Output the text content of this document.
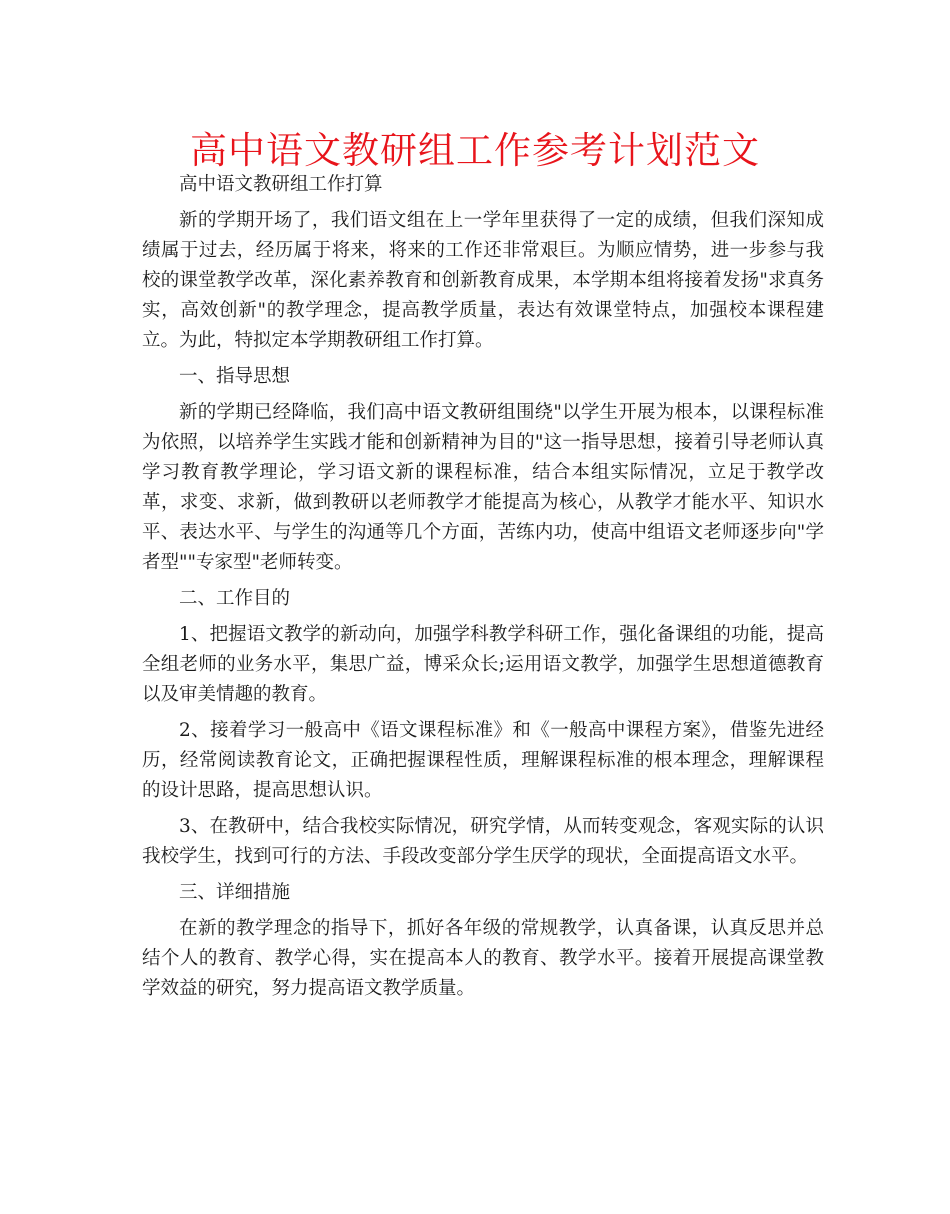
高中语文教研组工作参考计划范文

高中语文教研组工作打算

新的学期开场了，我们语文组在上一学年里获得了一定的成绩，但我们深知成绩属于过去，经历属于将来，将来的工作还非常艰巨。为顺应情势，进一步参与我校的课堂教学改革，深化素养教育和创新教育成果，本学期本组将接着发扬"求真务实，高效创新"的教学理念，提高教学质量，表达有效课堂特点，加强校本课程建立。为此，特拟定本学期教研组工作打算。

一、指导思想

新的学期已经降临，我们高中语文教研组围绕"以学生开展为根本，以课程标准为依照，以培养学生实践才能和创新精神为目的"这一指导思想，接着引导老师认真学习教育教学理论，学习语文新的课程标准，结合本组实际情况，立足于教学改革，求变、求新，做到教研以老师教学才能提高为核心，从教学才能水平、知识水平、表达水平、与学生的沟通等几个方面，苦练内功，使高中组语文老师逐步向"学者型""专家型"老师转变。

二、工作目的

1、把握语文教学的新动向，加强学科教学科研工作，强化备课组的功能，提高全组老师的业务水平，集思广益，博采众长;运用语文教学，加强学生思想道德教育以及审美情趣的教育。

2、接着学习一般高中《语文课程标准》和《一般高中课程方案》，借鉴先进经历，经常阅读教育论文，正确把握课程性质，理解课程标准的根本理念，理解课程的设计思路，提高思想认识。

3、在教研中，结合我校实际情况，研究学情，从而转变观念，客观实际的认识我校学生，找到可行的方法、手段改变部分学生厌学的现状，全面提高语文水平。

三、详细措施

在新的教学理念的指导下，抓好各年级的常规教学，认真备课，认真反思并总结个人的教育、教学心得，实在提高本人的教育、教学水平。接着开展提高课堂教学效益的研究，努力提高语文教学质量。
